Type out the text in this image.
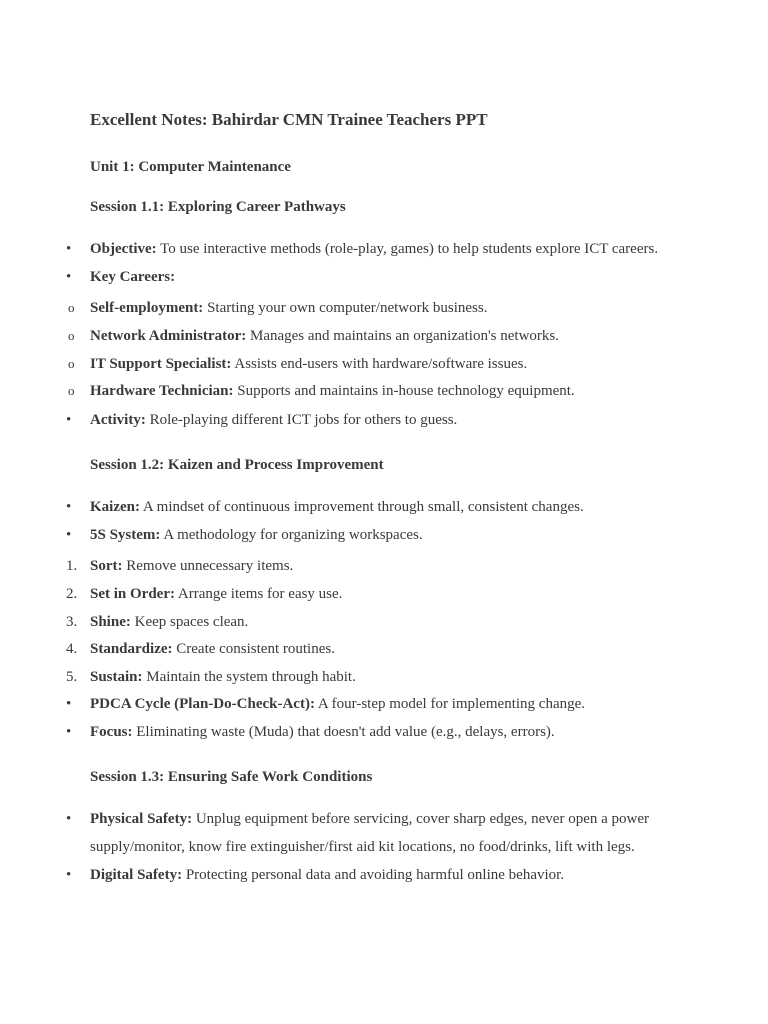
Excellent Notes: Bahirdar CMN Trainee Teachers PPT
Unit 1: Computer Maintenance
Session 1.1: Exploring Career Pathways
•	Objective: To use interactive methods (role-play, games) to help students explore ICT careers.
•	Key Careers:
o	Self-employment: Starting your own computer/network business.
o	Network Administrator: Manages and maintains an organization's networks.
o	IT Support Specialist: Assists end-users with hardware/software issues.
o	Hardware Technician: Supports and maintains in-house technology equipment.
•	Activity: Role-playing different ICT jobs for others to guess.
Session 1.2: Kaizen and Process Improvement
•	Kaizen: A mindset of continuous improvement through small, consistent changes.
•	5S System: A methodology for organizing workspaces.
1. Sort: Remove unnecessary items.
2. Set in Order: Arrange items for easy use.
3. Shine: Keep spaces clean.
4. Standardize: Create consistent routines.
5. Sustain: Maintain the system through habit.
•	PDCA Cycle (Plan-Do-Check-Act): A four-step model for implementing change.
•	Focus: Eliminating waste (Muda) that doesn't add value (e.g., delays, errors).
Session 1.3: Ensuring Safe Work Conditions
•	Physical Safety: Unplug equipment before servicing, cover sharp edges, never open a power supply/monitor, know fire extinguisher/first aid kit locations, no food/drinks, lift with legs.
•	Digital Safety: Protecting personal data and avoiding harmful online behavior.
